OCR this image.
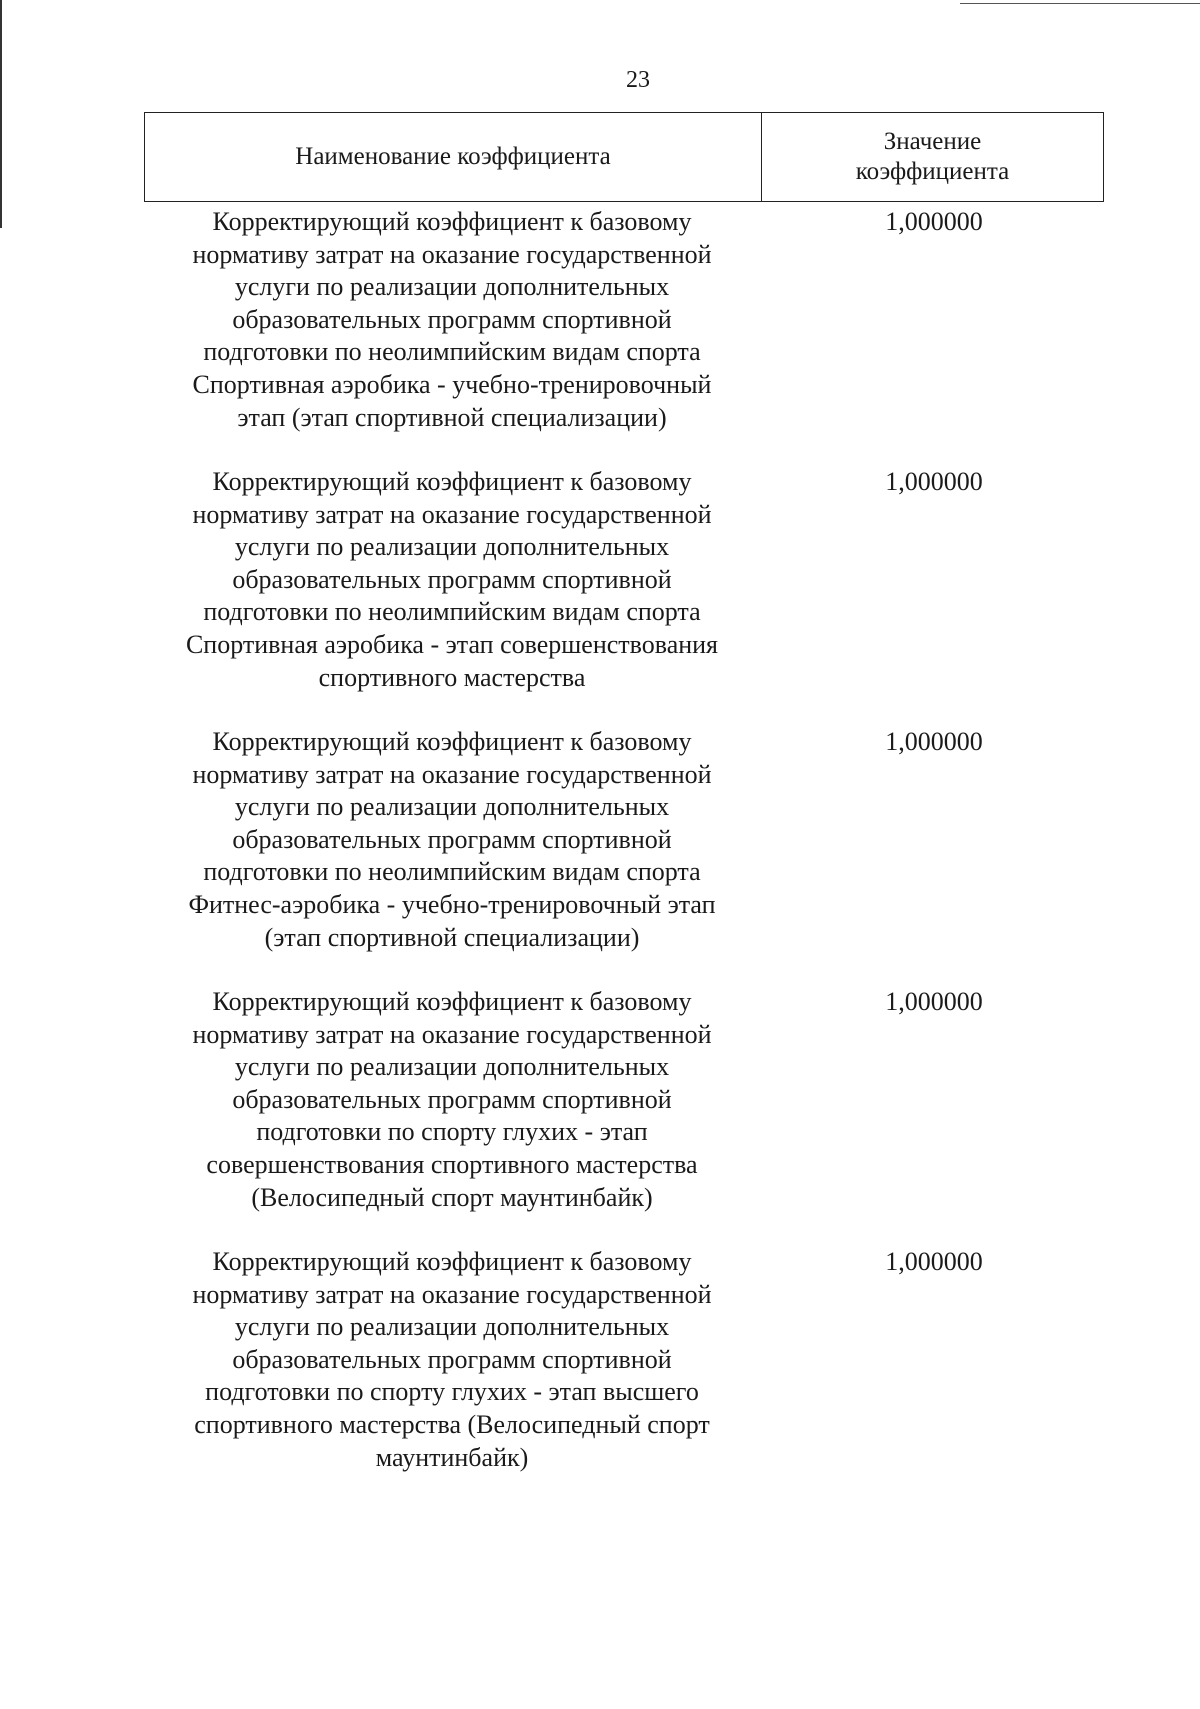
23
Наименование коэффициента
Значение
коэффициента
Корректирующий коэффициент к базовому
нормативу затрат на оказание государственной
услуги по реализации дополнительных
образовательных программ спортивной
подготовки по неолимпийским видам спорта
Спортивная аэробика - учебно-тренировочный
этап (этап спортивной специализации)
1,000000
Корректирующий коэффициент к базовому
нормативу затрат на оказание государственной
услуги по реализации дополнительных
образовательных программ спортивной
подготовки по неолимпийским видам спорта
Спортивная аэробика - этап совершенствования
спортивного мастерства
1,000000
Корректирующий коэффициент к базовому
нормативу затрат на оказание государственной
услуги по реализации дополнительных
образовательных программ спортивной
подготовки по неолимпийским видам спорта
Фитнес-аэробика - учебно-тренировочный этап
(этап спортивной специализации)
1,000000
Корректирующий коэффициент к базовому
нормативу затрат на оказание государственной
услуги по реализации дополнительных
образовательных программ спортивной
подготовки по спорту глухих - этап
совершенствования спортивного мастерства
(Велосипедный спорт маунтинбайк)
1,000000
Корректирующий коэффициент к базовому
нормативу затрат на оказание государственной
услуги по реализации дополнительных
образовательных программ спортивной
подготовки по спорту глухих - этап высшего
спортивного мастерства (Велосипедный спорт
маунтинбайк)
1,000000
